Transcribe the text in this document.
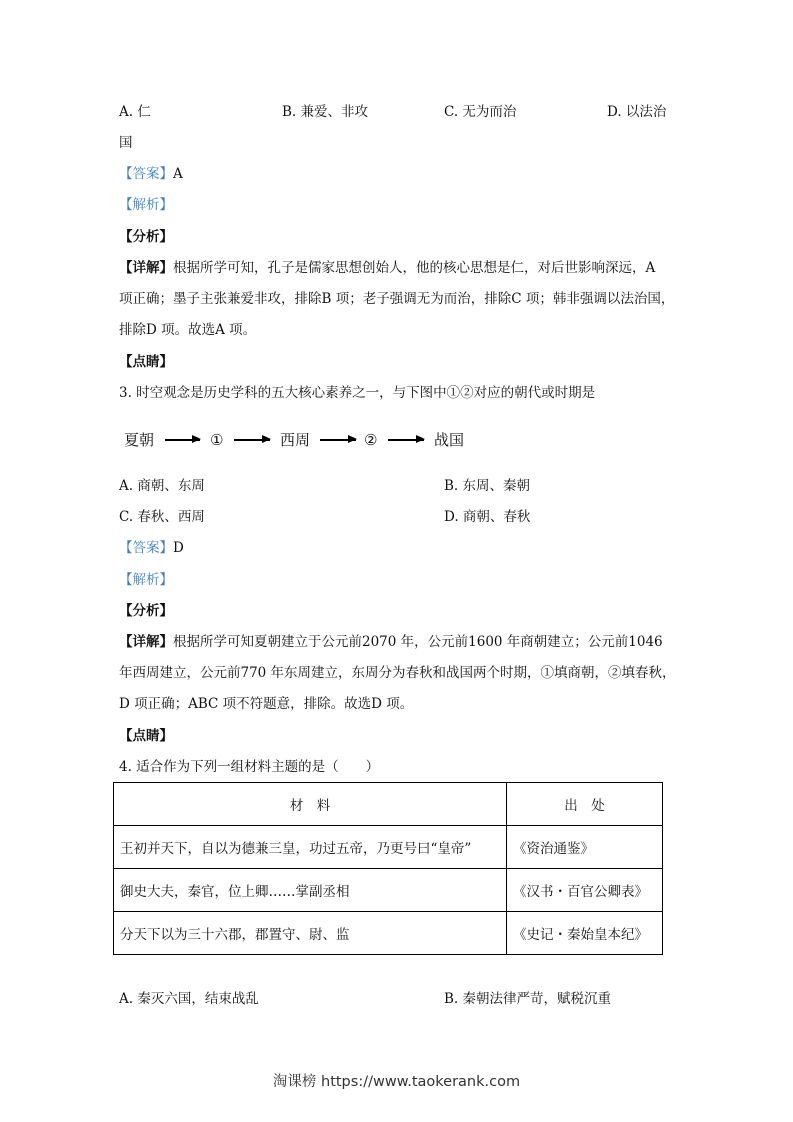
A. 仁	B. 兼爱、非攻	C. 无为而治	D. 以法治
国
【答案】A
【解析】
【分析】
【详解】根据所学可知，孔子是儒家思想创始人，他的核心思想是仁，对后世影响深远，A
项正确；墨子主张兼爱非攻，排除B 项；老子强调无为而治，排除C 项；韩非强调以法治国，
排除D 项。故选A 项。
【点睛】
3. 时空观念是历史学科的五大核心素养之一，与下图中①②对应的朝代或时期是
夏朝	①	西周	②	战国
A. 商朝、东周	B. 东周、秦朝
C. 春秋、西周	D. 商朝、春秋
【答案】D
【解析】
【分析】
【详解】根据所学可知夏朝建立于公元前2070 年，公元前1600 年商朝建立；公元前1046
年西周建立，公元前770 年东周建立，东周分为春秋和战国两个时期，①填商朝，②填春秋，
D 项正确；ABC 项不符题意，排除。故选D 项。
【点睛】
4. 适合作为下列一组材料主题的是（　　）
材　料	出　处
王初并天下，自以为德兼三皇，功过五帝，乃更号曰“皇帝”	《资治通鉴》
御史大夫，秦官，位上卿……掌副丞相	《汉书・百官公卿表》
分天下以为三十六郡，郡置守、尉、监	《史记・秦始皇本纪》
A. 秦灭六国，结束战乱	B. 秦朝法律严苛，赋税沉重
淘课榜 https://www.taokerank.com
